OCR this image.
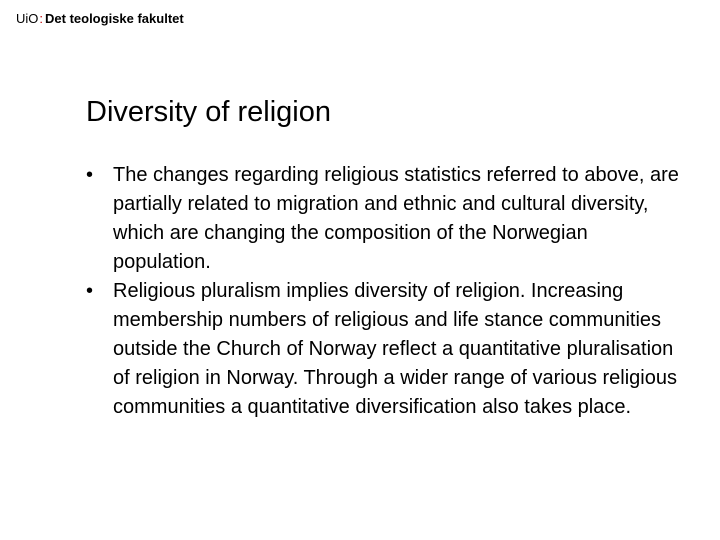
UiO : Det teologiske fakultet
Diversity of religion
• The changes regarding religious statistics referred to above, are partially related to migration and ethnic and cultural diversity, which are changing the composition of the Norwegian population.
• Religious pluralism implies diversity of religion. Increasing membership numbers of religious and life stance communities outside the Church of Norway reflect a quantitative pluralisation of religion in Norway. Through a wider range of various religious communities a quantitative diversification also takes place.
